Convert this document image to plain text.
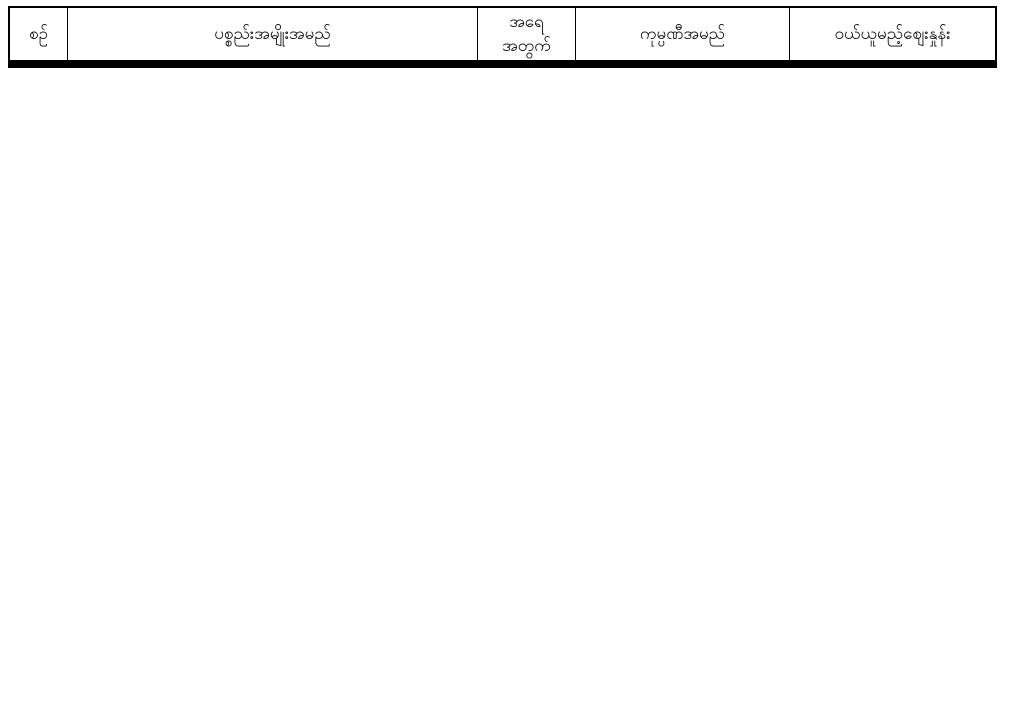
စဉ်	ပစ္စည်းအမျိုးအမည်
အရေ
အတွက်
ကုမ္ပဏီအမည်	ဝယ်ယူမည့်ဈေးနှုန်း
